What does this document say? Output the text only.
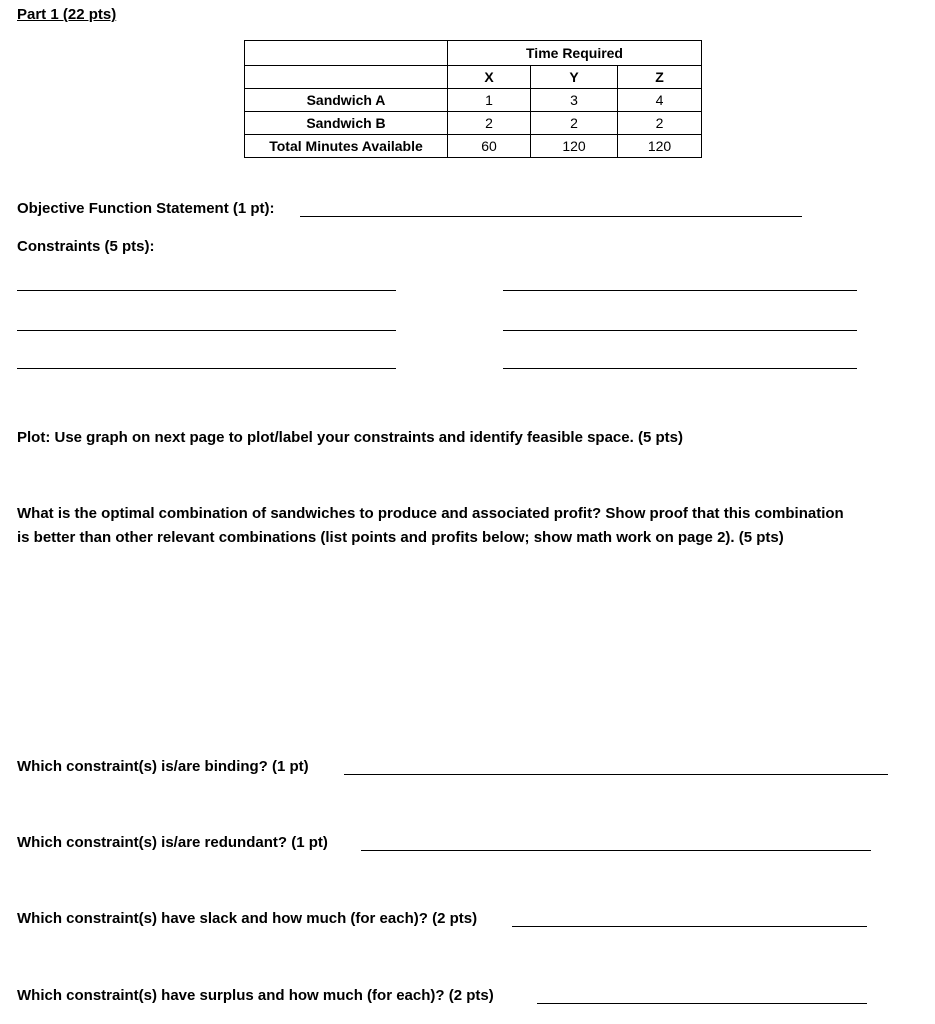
Part 1 (22 pts)
	Time Required		
	X	Y	Z
Sandwich A	1	3	4
Sandwich B	2	2	2
Total Minutes Available	60	120	120
Objective Function Statement (1 pt):
Constraints (5 pts):
Plot: Use graph on next page to plot/label your constraints and identify feasible space. (5 pts)
What is the optimal combination of sandwiches to produce and associated profit? Show proof that this combination
is better than other relevant combinations (list points and profits below; show math work on page 2). (5 pts)
Which constraint(s) is/are binding? (1 pt)
Which constraint(s) is/are redundant? (1 pt)
Which constraint(s) have slack and how much (for each)? (2 pts)
Which constraint(s) have surplus and how much (for each)? (2 pts)
